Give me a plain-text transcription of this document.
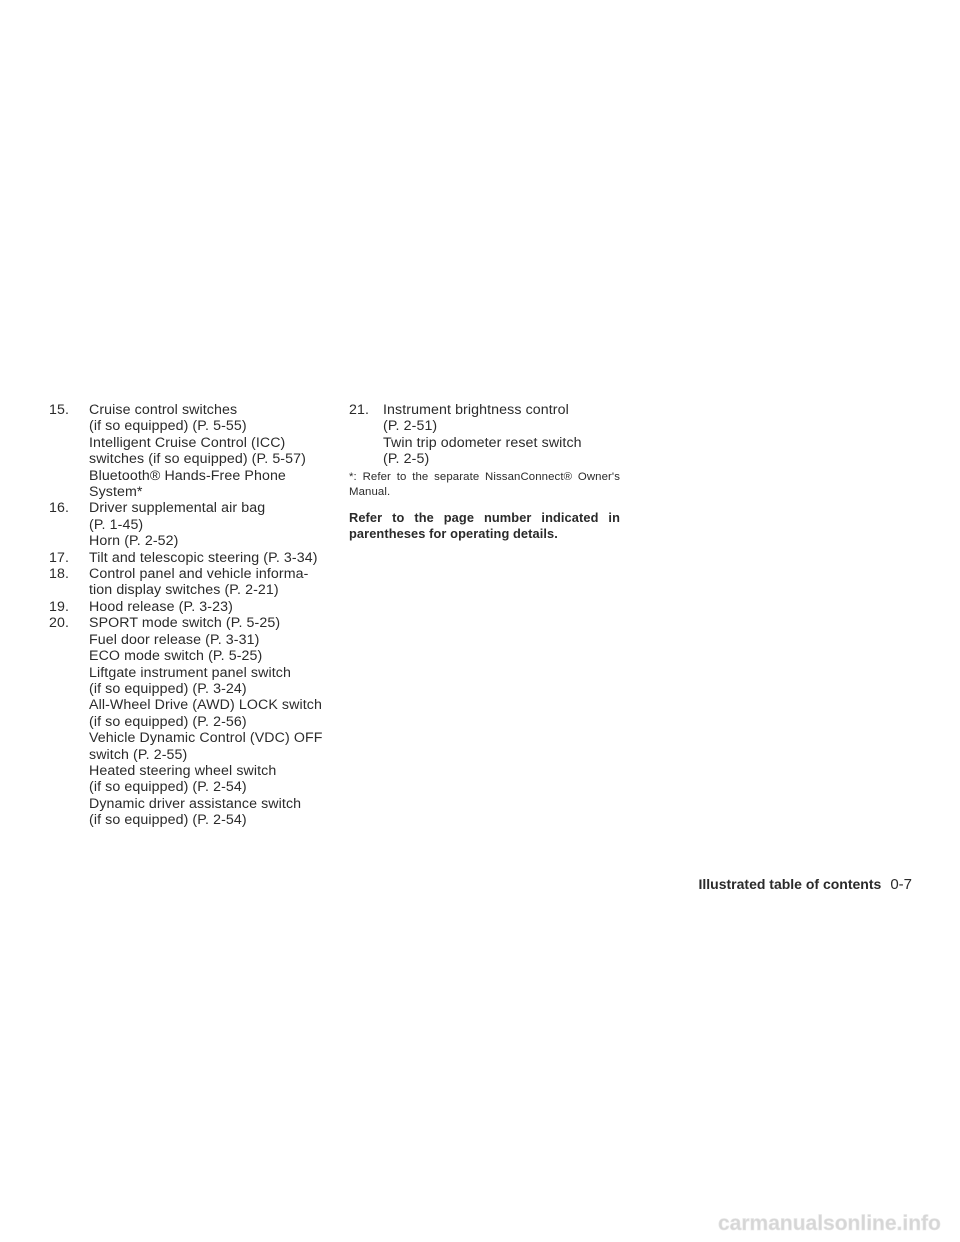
15.	Cruise control switches
(if so equipped) (P. 5-55)
Intelligent Cruise Control (ICC)
switches (if so equipped) (P. 5-57)
Bluetooth® Hands-Free Phone
System*
16.	Driver supplemental air bag
(P. 1-45)
Horn (P. 2-52)
17.	Tilt and telescopic steering (P. 3-34)
18.	Control panel and vehicle informa-
tion display switches (P. 2-21)
19.	Hood release (P. 3-23)
20.	SPORT mode switch (P. 5-25)
Fuel door release (P. 3-31)
ECO mode switch (P. 5-25)
Liftgate instrument panel switch
(if so equipped) (P. 3-24)
All-Wheel Drive (AWD) LOCK switch
(if so equipped) (P. 2-56)
Vehicle Dynamic Control (VDC) OFF
switch (P. 2-55)
Heated steering wheel switch
(if so equipped) (P. 2-54)
Dynamic driver assistance switch
(if so equipped) (P. 2-54)
21. Instrument brightness control
(P. 2-51)
Twin trip odometer reset switch
(P. 2-5)
*: Refer to the separate NissanConnect® Owner's Manual.
Refer to the page number indicated in parentheses for operating details.
Illustrated table of contents 0-7
carmanualsonline.info
